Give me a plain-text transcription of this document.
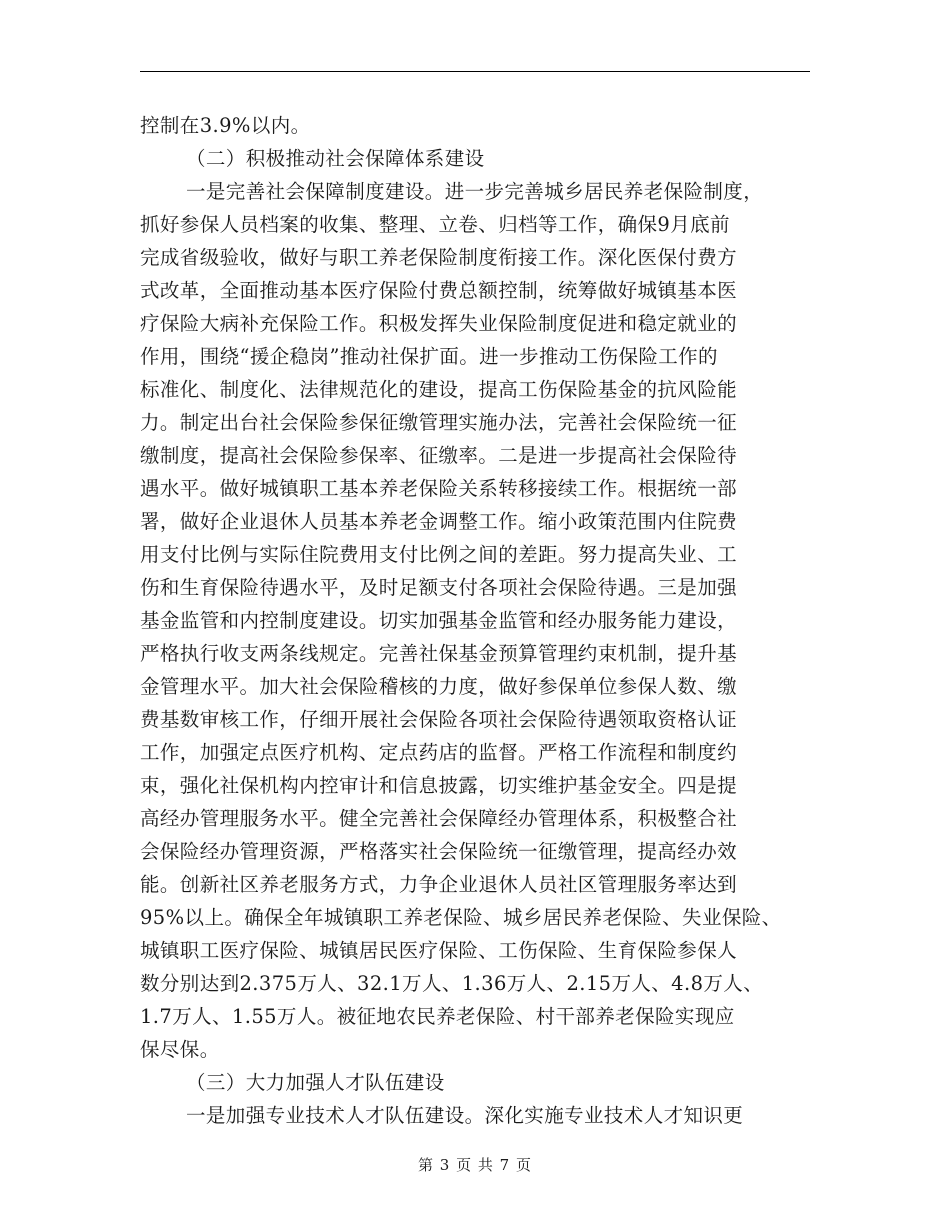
控制在3.9%以内。
（二）积极推动社会保障体系建设
一是完善社会保障制度建设。进一步完善城乡居民养老保险制度，
抓好参保人员档案的收集、整理、立卷、归档等工作，确保9月底前
完成省级验收，做好与职工养老保险制度衔接工作。深化医保付费方
式改革，全面推动基本医疗保险付费总额控制，统筹做好城镇基本医
疗保险大病补充保险工作。积极发挥失业保险制度促进和稳定就业的
作用，围绕“援企稳岗”推动社保扩面。进一步推动工伤保险工作的
标准化、制度化、法律规范化的建设，提高工伤保险基金的抗风险能
力。制定出台社会保险参保征缴管理实施办法，完善社会保险统一征
缴制度，提高社会保险参保率、征缴率。二是进一步提高社会保险待
遇水平。做好城镇职工基本养老保险关系转移接续工作。根据统一部
署，做好企业退休人员基本养老金调整工作。缩小政策范围内住院费
用支付比例与实际住院费用支付比例之间的差距。努力提高失业、工
伤和生育保险待遇水平，及时足额支付各项社会保险待遇。三是加强
基金监管和内控制度建设。切实加强基金监管和经办服务能力建设，
严格执行收支两条线规定。完善社保基金预算管理约束机制，提升基
金管理水平。加大社会保险稽核的力度，做好参保单位参保人数、缴
费基数审核工作，仔细开展社会保险各项社会保险待遇领取资格认证
工作，加强定点医疗机构、定点药店的监督。严格工作流程和制度约
束，强化社保机构内控审计和信息披露，切实维护基金安全。四是提
高经办管理服务水平。健全完善社会保障经办管理体系，积极整合社
会保险经办管理资源，严格落实社会保险统一征缴管理，提高经办效
能。创新社区养老服务方式，力争企业退休人员社区管理服务率达到
95%以上。确保全年城镇职工养老保险、城乡居民养老保险、失业保险、
城镇职工医疗保险、城镇居民医疗保险、工伤保险、生育保险参保人
数分别达到2.375万人、32.1万人、1.36万人、2.15万人、4.8万人、
1.7万人、1.55万人。被征地农民养老保险、村干部养老保险实现应
保尽保。
（三）大力加强人才队伍建设
一是加强专业技术人才队伍建设。深化实施专业技术人才知识更
第 3 页 共 7 页
